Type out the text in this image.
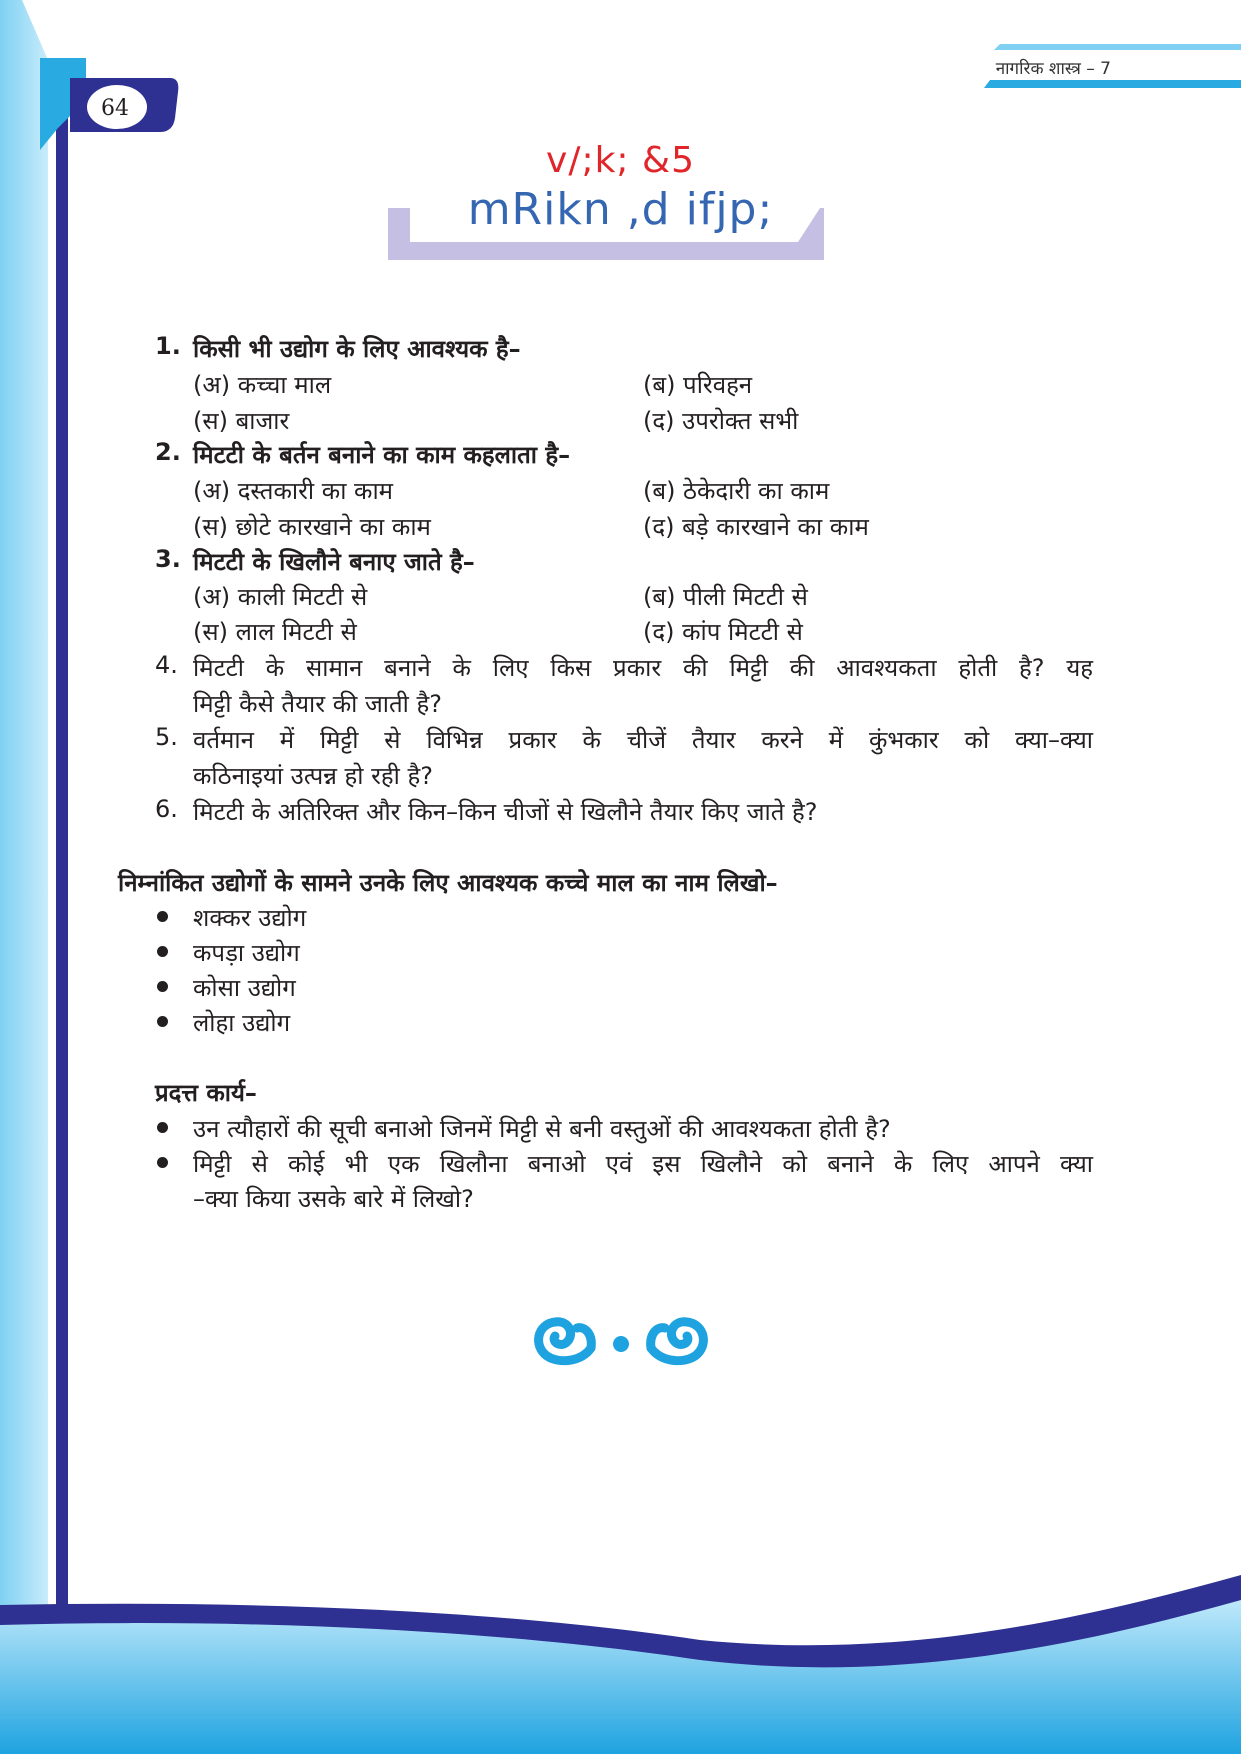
64
नागरिक शास्त्र – 7
v/;k; &5
mRikn ,d ifjp;
1. किसी भी उद्योग के लिए आवश्यक है–
(अ) कच्चा माल	(ब) परिवहन
(स) बाजार	(द) उपरोक्त सभी
2. मिटटी के बर्तन बनाने का काम कहलाता है–
(अ) दस्तकारी का काम	(ब) ठेकेदारी का काम
(स) छोटे कारखाने का काम	(द) बड़े कारखाने का काम
3. मिटटी के खिलौने बनाए जाते है–
(अ) काली मिटटी से	(ब) पीली मिटटी से
(स) लाल मिटटी से	(द) कांप मिटटी से
4. मिटटी के सामान बनाने के लिए किस प्रकार की मिट्टी की आवश्यकता होती है? यह
मिट्टी कैसे तैयार की जाती है?
5. वर्तमान में मिट्टी से विभिन्न प्रकार के चीजें तैयार करने में कुंभकार को क्या–क्या
कठिनाइयां उत्पन्न हो रही है?
6. मिटटी के अतिरिक्त और किन–किन चीजों से खिलौने तैयार किए जाते है?
निम्नांकित उद्योगों के सामने उनके लिए आवश्यक कच्चे माल का नाम लिखो–
शक्कर उद्योग
कपड़ा उद्योग
कोसा उद्योग
लोहा उद्योग
प्रदत्त कार्य–
उन त्यौहारों की सूची बनाओ जिनमें मिट्टी से बनी वस्तुओं की आवश्यकता होती है?
मिट्टी से कोई भी एक खिलौना बनाओ एवं इस खिलौने को बनाने के लिए आपने क्या
–क्या किया उसके बारे में लिखो?
